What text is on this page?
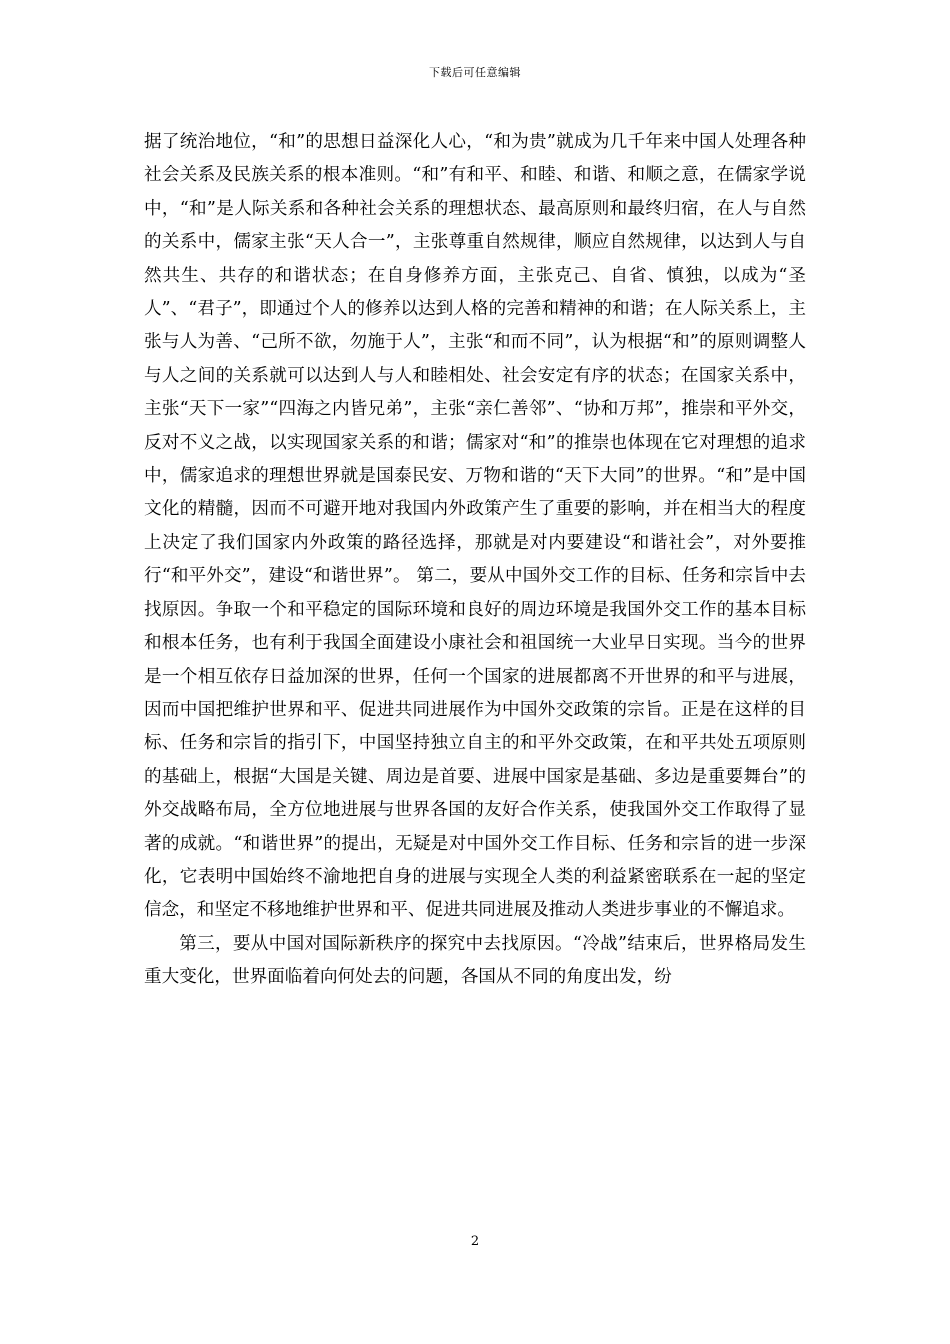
下载后可任意编辑

据了统治地位，“和”的思想日益深化人心，“和为贵”就成为几千年来中国人处理各种社会关系及民族关系的根本准则。“和”有和平、和睦、和谐、和顺之意，在儒家学说中，“和”是人际关系和各种社会关系的理想状态、最高原则和最终归宿，在人与自然的关系中，儒家主张“天人合一”，主张尊重自然规律，顺应自然规律，以达到人与自然共生、共存的和谐状态；在自身修养方面，主张克己、自省、慎独，以成为“圣人”、“君子”，即通过个人的修养以达到人格的完善和精神的和谐；在人际关系上，主张与人为善、“己所不欲，勿施于人”，主张“和而不同”，认为根据“和”的原则调整人与人之间的关系就可以达到人与人和睦相处、社会安定有序的状态；在国家关系中，主张“天下一家”“四海之内皆兄弟”，主张“亲仁善邻”、“协和万邦”，推崇和平外交，反对不义之战，以实现国家关系的和谐；儒家对“和”的推崇也体现在它对理想的追求中，儒家追求的理想世界就是国泰民安、万物和谐的“天下大同”的世界。“和”是中国文化的精髓，因而不可避开地对我国内外政策产生了重要的影响，并在相当大的程度上决定了我们国家内外政策的路径选择，那就是对内要建设“和谐社会”，对外要推行“和平外交”，建设“和谐世界”。 第二，要从中国外交工作的目标、任务和宗旨中去找原因。争取一个和平稳定的国际环境和良好的周边环境是我国外交工作的基本目标和根本任务，也有利于我国全面建设小康社会和祖国统一大业早日实现。当今的世界是一个相互依存日益加深的世界，任何一个国家的进展都离不开世界的和平与进展，因而中国把维护世界和平、促进共同进展作为中国外交政策的宗旨。正是在这样的目标、任务和宗旨的指引下，中国坚持独立自主的和平外交政策，在和平共处五项原则的基础上，根据“大国是关键、周边是首要、进展中国家是基础、多边是重要舞台”的外交战略布局，全方位地进展与世界各国的友好合作关系，使我国外交工作取得了显著的成就。“和谐世界”的提出，无疑是对中国外交工作目标、任务和宗旨的进一步深化，它表明中国始终不渝地把自身的进展与实现全人类的利益紧密联系在一起的坚定信念，和坚定不移地维护世界和平、促进共同进展及推动人类进步事业的不懈追求。

第三，要从中国对国际新秩序的探究中去找原因。“冷战”结束后，世界格局发生重大变化，世界面临着向何处去的问题，各国从不同的角度出发，纷

2
